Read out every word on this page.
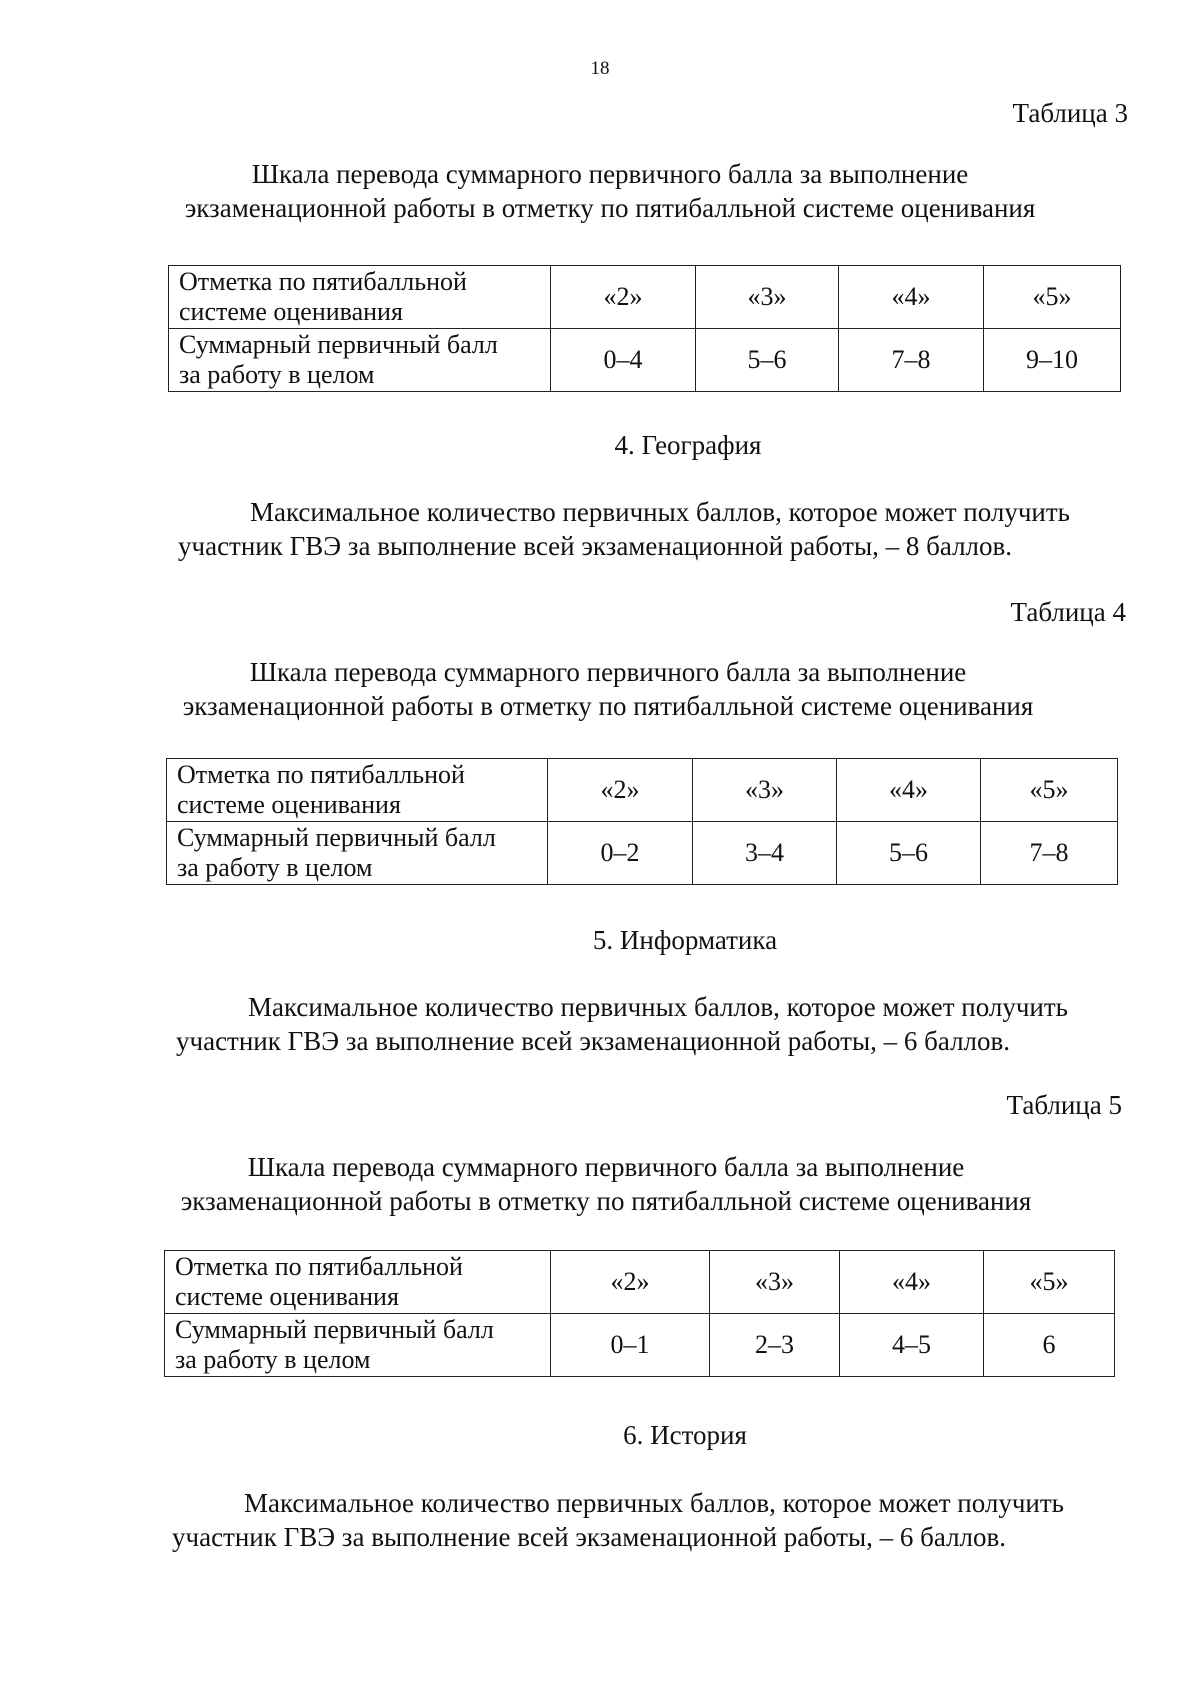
18
Таблица 3
Шкала перевода суммарного первичного балла за выполнение
экзаменационной работы в отметку по пятибалльной системе оценивания
Отметка по пятибалльной
системе оценивания	«2»	«3»	«4»	«5»

Суммарный первичный балл
за работу в целом	0–4	5–6	7–8	9–10
4. География
Максимальное количество первичных баллов, которое может получить
участник ГВЭ за выполнение всей экзаменационной работы, – 8 баллов.
Таблица 4
Шкала перевода суммарного первичного балла за выполнение
экзаменационной работы в отметку по пятибалльной системе оценивания
Отметка по пятибалльной
системе оценивания	«2»	«3»	«4»	«5»

Суммарный первичный балл
за работу в целом	0–2	3–4	5–6	7–8
5. Информатика
Максимальное количество первичных баллов, которое может получить
участник ГВЭ за выполнение всей экзаменационной работы, – 6 баллов.
Таблица 5
Шкала перевода суммарного первичного балла за выполнение
экзаменационной работы в отметку по пятибалльной системе оценивания
Отметка по пятибалльной
системе оценивания	«2»	«3»	«4»	«5»

Суммарный первичный балл
за работу в целом	0–1	2–3	4–5	6
6. История
Максимальное количество первичных баллов, которое может получить
участник ГВЭ за выполнение всей экзаменационной работы, – 6 баллов.
